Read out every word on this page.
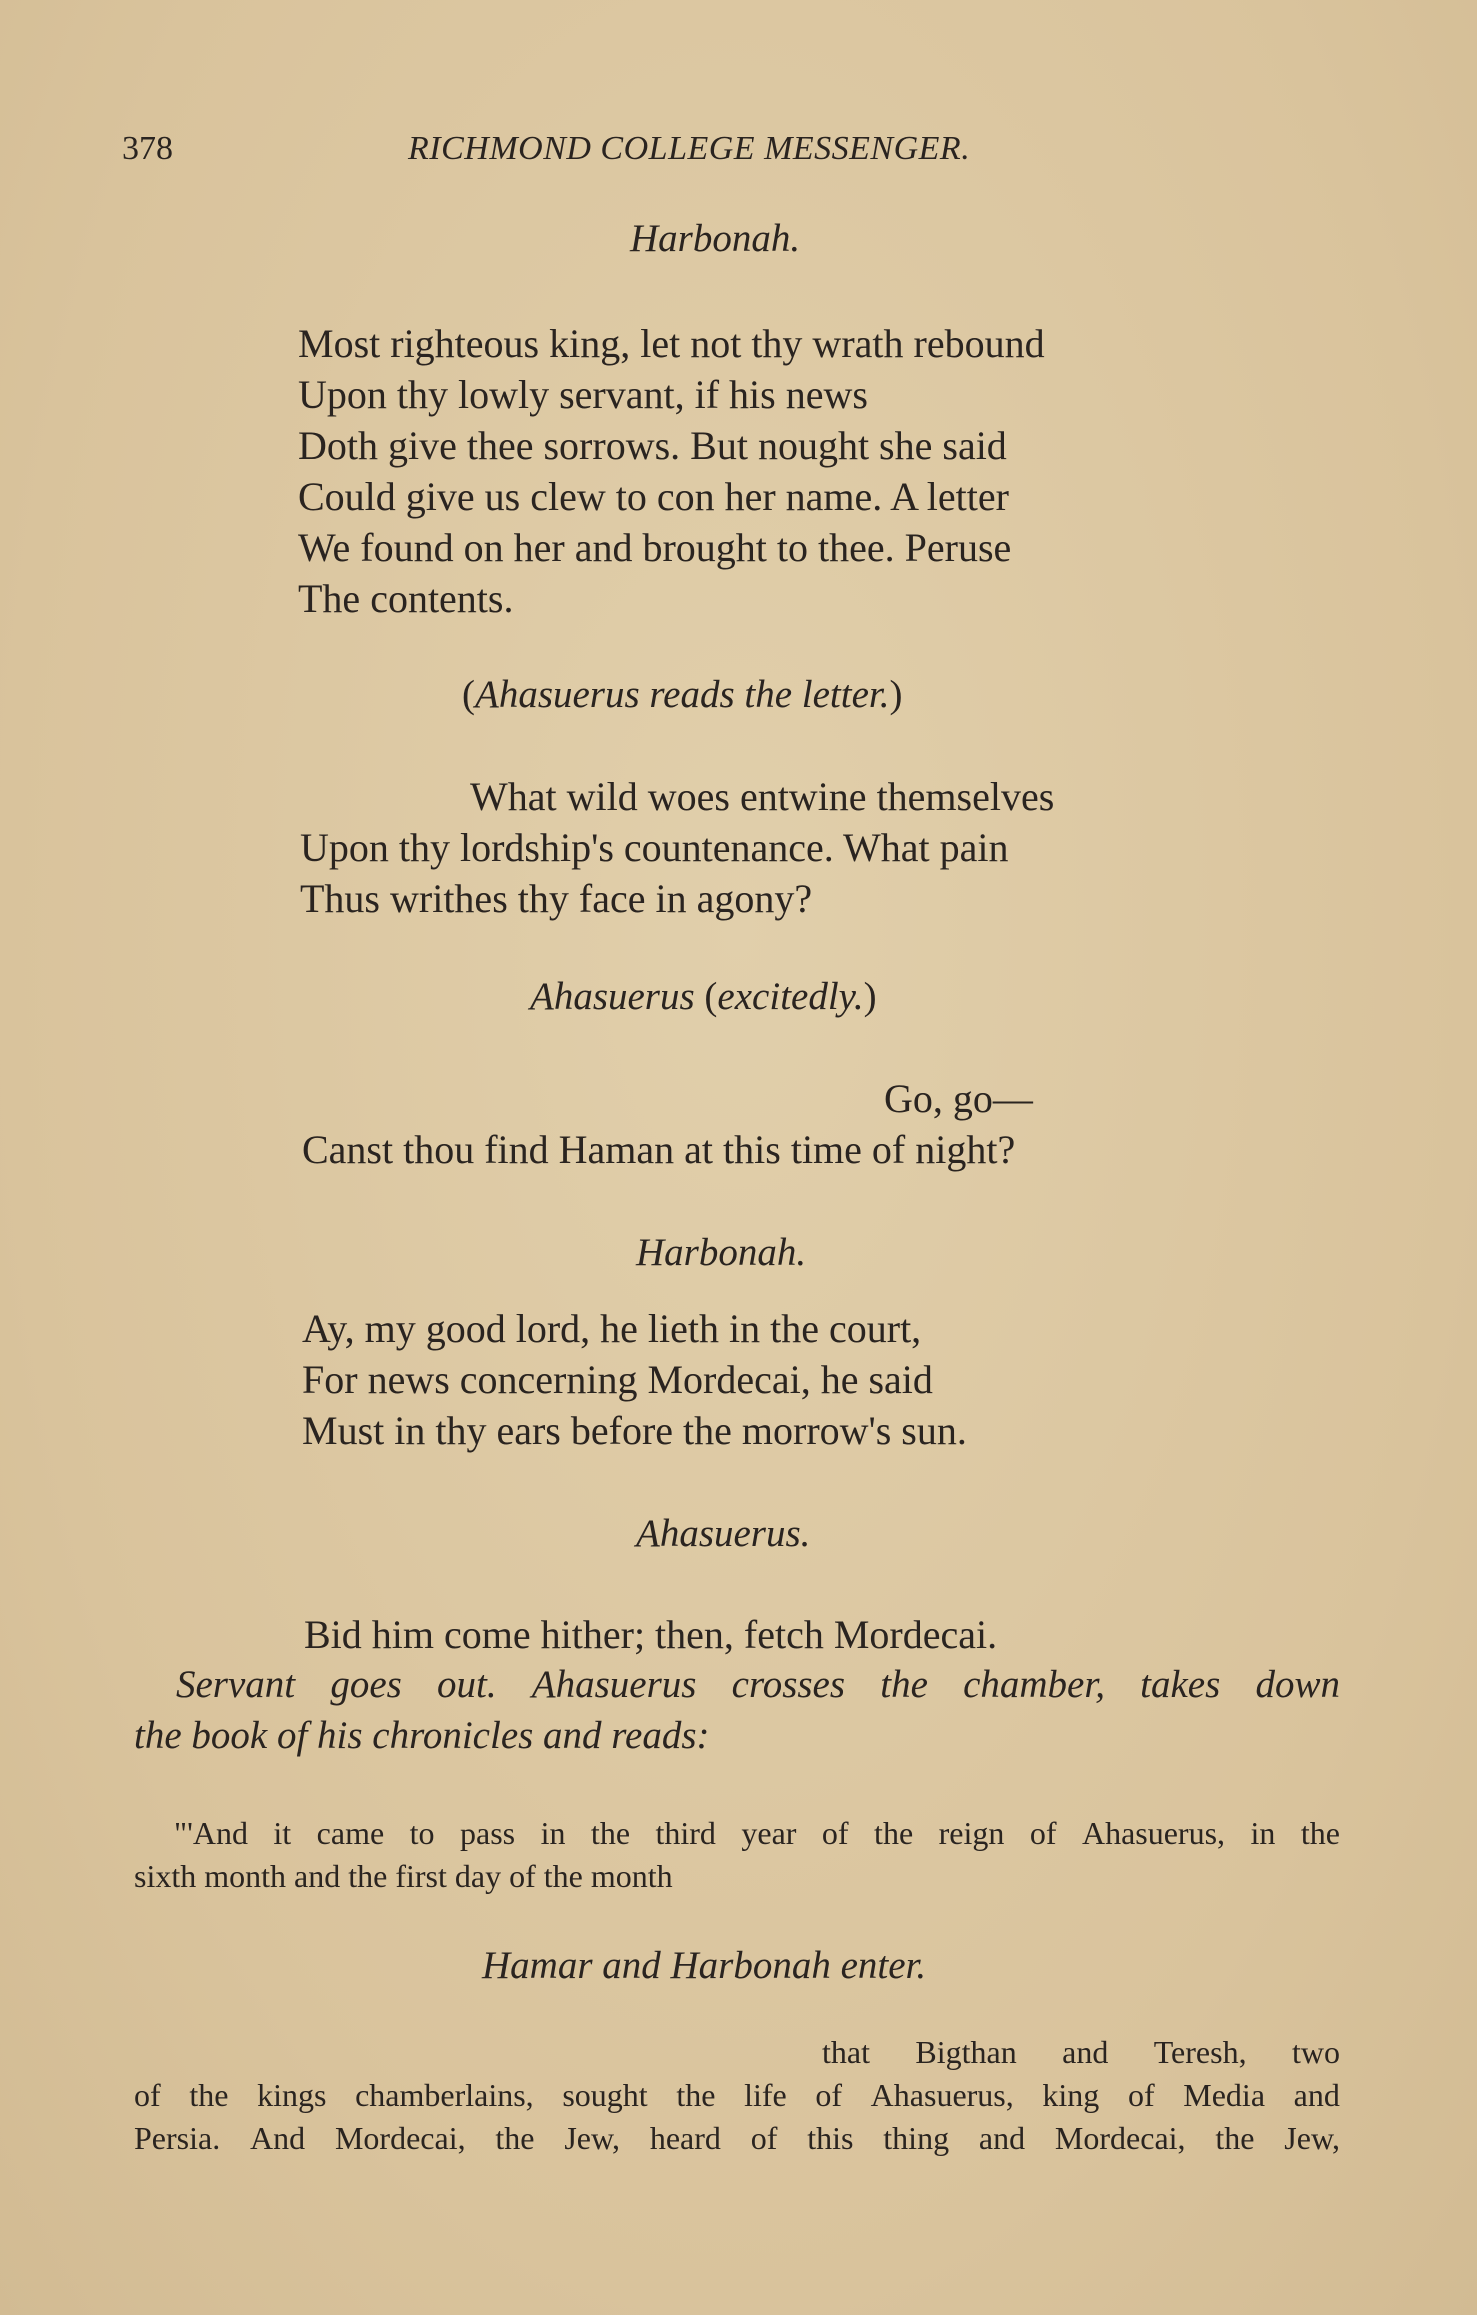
378	RICHMOND COLLEGE MESSENGER.
Harbonah.
Most righteous king, let not thy wrath rebound
Upon thy lowly servant, if his news
Doth give thee sorrows. But nought she said
Could give us clew to con her name. A letter
We found on her and brought to thee. Peruse
The contents.
(Ahasuerus reads the letter.)
What wild woes entwine themselves
Upon thy lordship's countenance. What pain
Thus writhes thy face in agony?
Ahasuerus (excitedly.)
Go, go—
Canst thou find Haman at this time of night?
Harbonah.
Ay, my good lord, he lieth in the court,
For news concerning Mordecai, he said
Must in thy ears before the morrow's sun.
Ahasuerus.
Bid him come hither; then, fetch Mordecai.
Servant goes out. Ahasuerus crosses the chamber, takes down
the book of his chronicles and reads:
"'And it came to pass in the third year of the reign of Ahasuerus, in the
sixth month and the first day of the month
Hamar and Harbonah enter.
that Bigthan and Teresh, two
of the kings chamberlains, sought the life of Ahasuerus, king of Media and
Persia. And Mordecai, the Jew, heard of this thing and Mordecai, the Jew,
